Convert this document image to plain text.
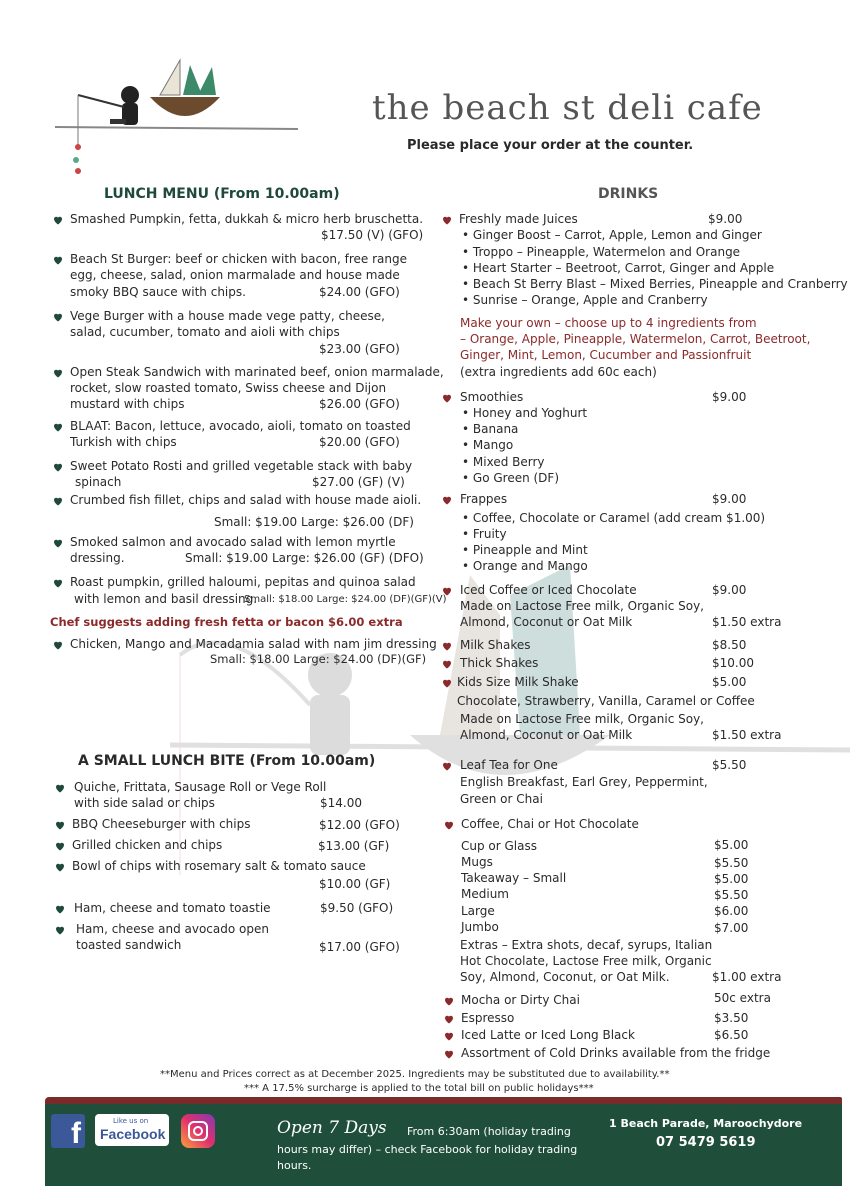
the beach st deli cafe
Please place your order at the counter.
LUNCH MENU (From 10.00am)
Smashed Pumpkin, fetta, dukkah & micro herb bruschetta.
$17.50 (V) (GFO)
Beach St Burger: beef or chicken with bacon, free range
egg, cheese, salad, onion marmalade and house made
smoky BBQ sauce with chips.	$24.00 (GFO)
Vege Burger with a house made vege patty, cheese,
salad, cucumber, tomato and aioli with chips
$23.00 (GFO)
Open Steak Sandwich with marinated beef, onion marmalade,
rocket, slow roasted tomato, Swiss cheese and Dijon
mustard with chips	$26.00 (GFO)
BLAAT: Bacon, lettuce, avocado, aioli, tomato on toasted
Turkish with chips	$20.00 (GFO)
Sweet Potato Rosti and grilled vegetable stack with baby
spinach	$27.00 (GF) (V)
Crumbed fish fillet, chips and salad with house made aioli.
Small: $19.00 Large: $26.00 (DF)
Smoked salmon and avocado salad with lemon myrtle
dressing.	Small: $19.00 Large: $26.00 (GF) (DFO)
Roast pumpkin, grilled haloumi, pepitas and quinoa salad
with lemon and basil dressing.
Small: $18.00 Large: $24.00 (DF)(GF)(V)
Chef suggests adding fresh fetta or bacon $6.00 extra
Chicken, Mango and Macadamia salad with nam jim dressing
Small: $18.00 Large: $24.00 (DF)(GF)
A SMALL LUNCH BITE (From 10.00am)
Quiche, Frittata, Sausage Roll or Vege Roll
with side salad or chips	$14.00
BBQ Cheeseburger with chips	$12.00 (GFO)
Grilled chicken and chips	$13.00 (GF)
Bowl of chips with rosemary salt & tomato sauce
$10.00 (GF)
Ham, cheese and tomato toastie	$9.50 (GFO)
Ham, cheese and avocado open
toasted sandwich	$17.00 (GFO)
DRINKS
Freshly made Juices	$9.00
• Ginger Boost – Carrot, Apple, Lemon and Ginger
• Troppo – Pineapple, Watermelon and Orange
• Heart Starter – Beetroot, Carrot, Ginger and Apple
• Beach St Berry Blast – Mixed Berries, Pineapple and Cranberry
• Sunrise – Orange, Apple and Cranberry
Make your own – choose up to 4 ingredients from
– Orange, Apple, Pineapple, Watermelon, Carrot, Beetroot,
Ginger, Mint, Lemon, Cucumber and Passionfruit
(extra ingredients add 60c each)
Smoothies	$9.00
• Honey and Yoghurt
• Banana
• Mango
• Mixed Berry
• Go Green (DF)
Frappes	$9.00
• Coffee, Chocolate or Caramel (add cream $1.00)
• Fruity
• Pineapple and Mint
• Orange and Mango
Iced Coffee or Iced Chocolate	$9.00
Made on Lactose Free milk, Organic Soy,
Almond, Coconut or Oat Milk	$1.50 extra
Milk Shakes	$8.50
Thick Shakes	$10.00
Kids Size Milk Shake	$5.00
Chocolate, Strawberry, Vanilla, Caramel or Coffee
Made on Lactose Free milk, Organic Soy,
Almond, Coconut or Oat Milk	$1.50 extra
Leaf Tea for One	$5.50
English Breakfast, Earl Grey, Peppermint,
Green or Chai
Coffee, Chai or Hot Chocolate
Cup or Glass	$5.00
Mugs	$5.50
Takeaway – Small	$5.00
Medium	$5.50
Large	$6.00
Jumbo	$7.00
Extras – Extra shots, decaf, syrups, Italian
Hot Chocolate, Lactose Free milk, Organic
Soy, Almond, Coconut, or Oat Milk.	$1.00 extra
Mocha or Dirty Chai	50c extra
Espresso	$3.50
Iced Latte or Iced Long Black	$6.50
Assortment of Cold Drinks available from the fridge
**Menu and Prices correct as at December 2025. Ingredients may be substituted due to availability.**
*** A 17.5% surcharge is applied to the total bill on public holidays***
f	Like us on
Facebook	Open 7 Days From 6:30am (holiday trading
hours may differ) – check Facebook for holiday trading
hours.
1 Beach Parade, Maroochydore
07 5479 5619
